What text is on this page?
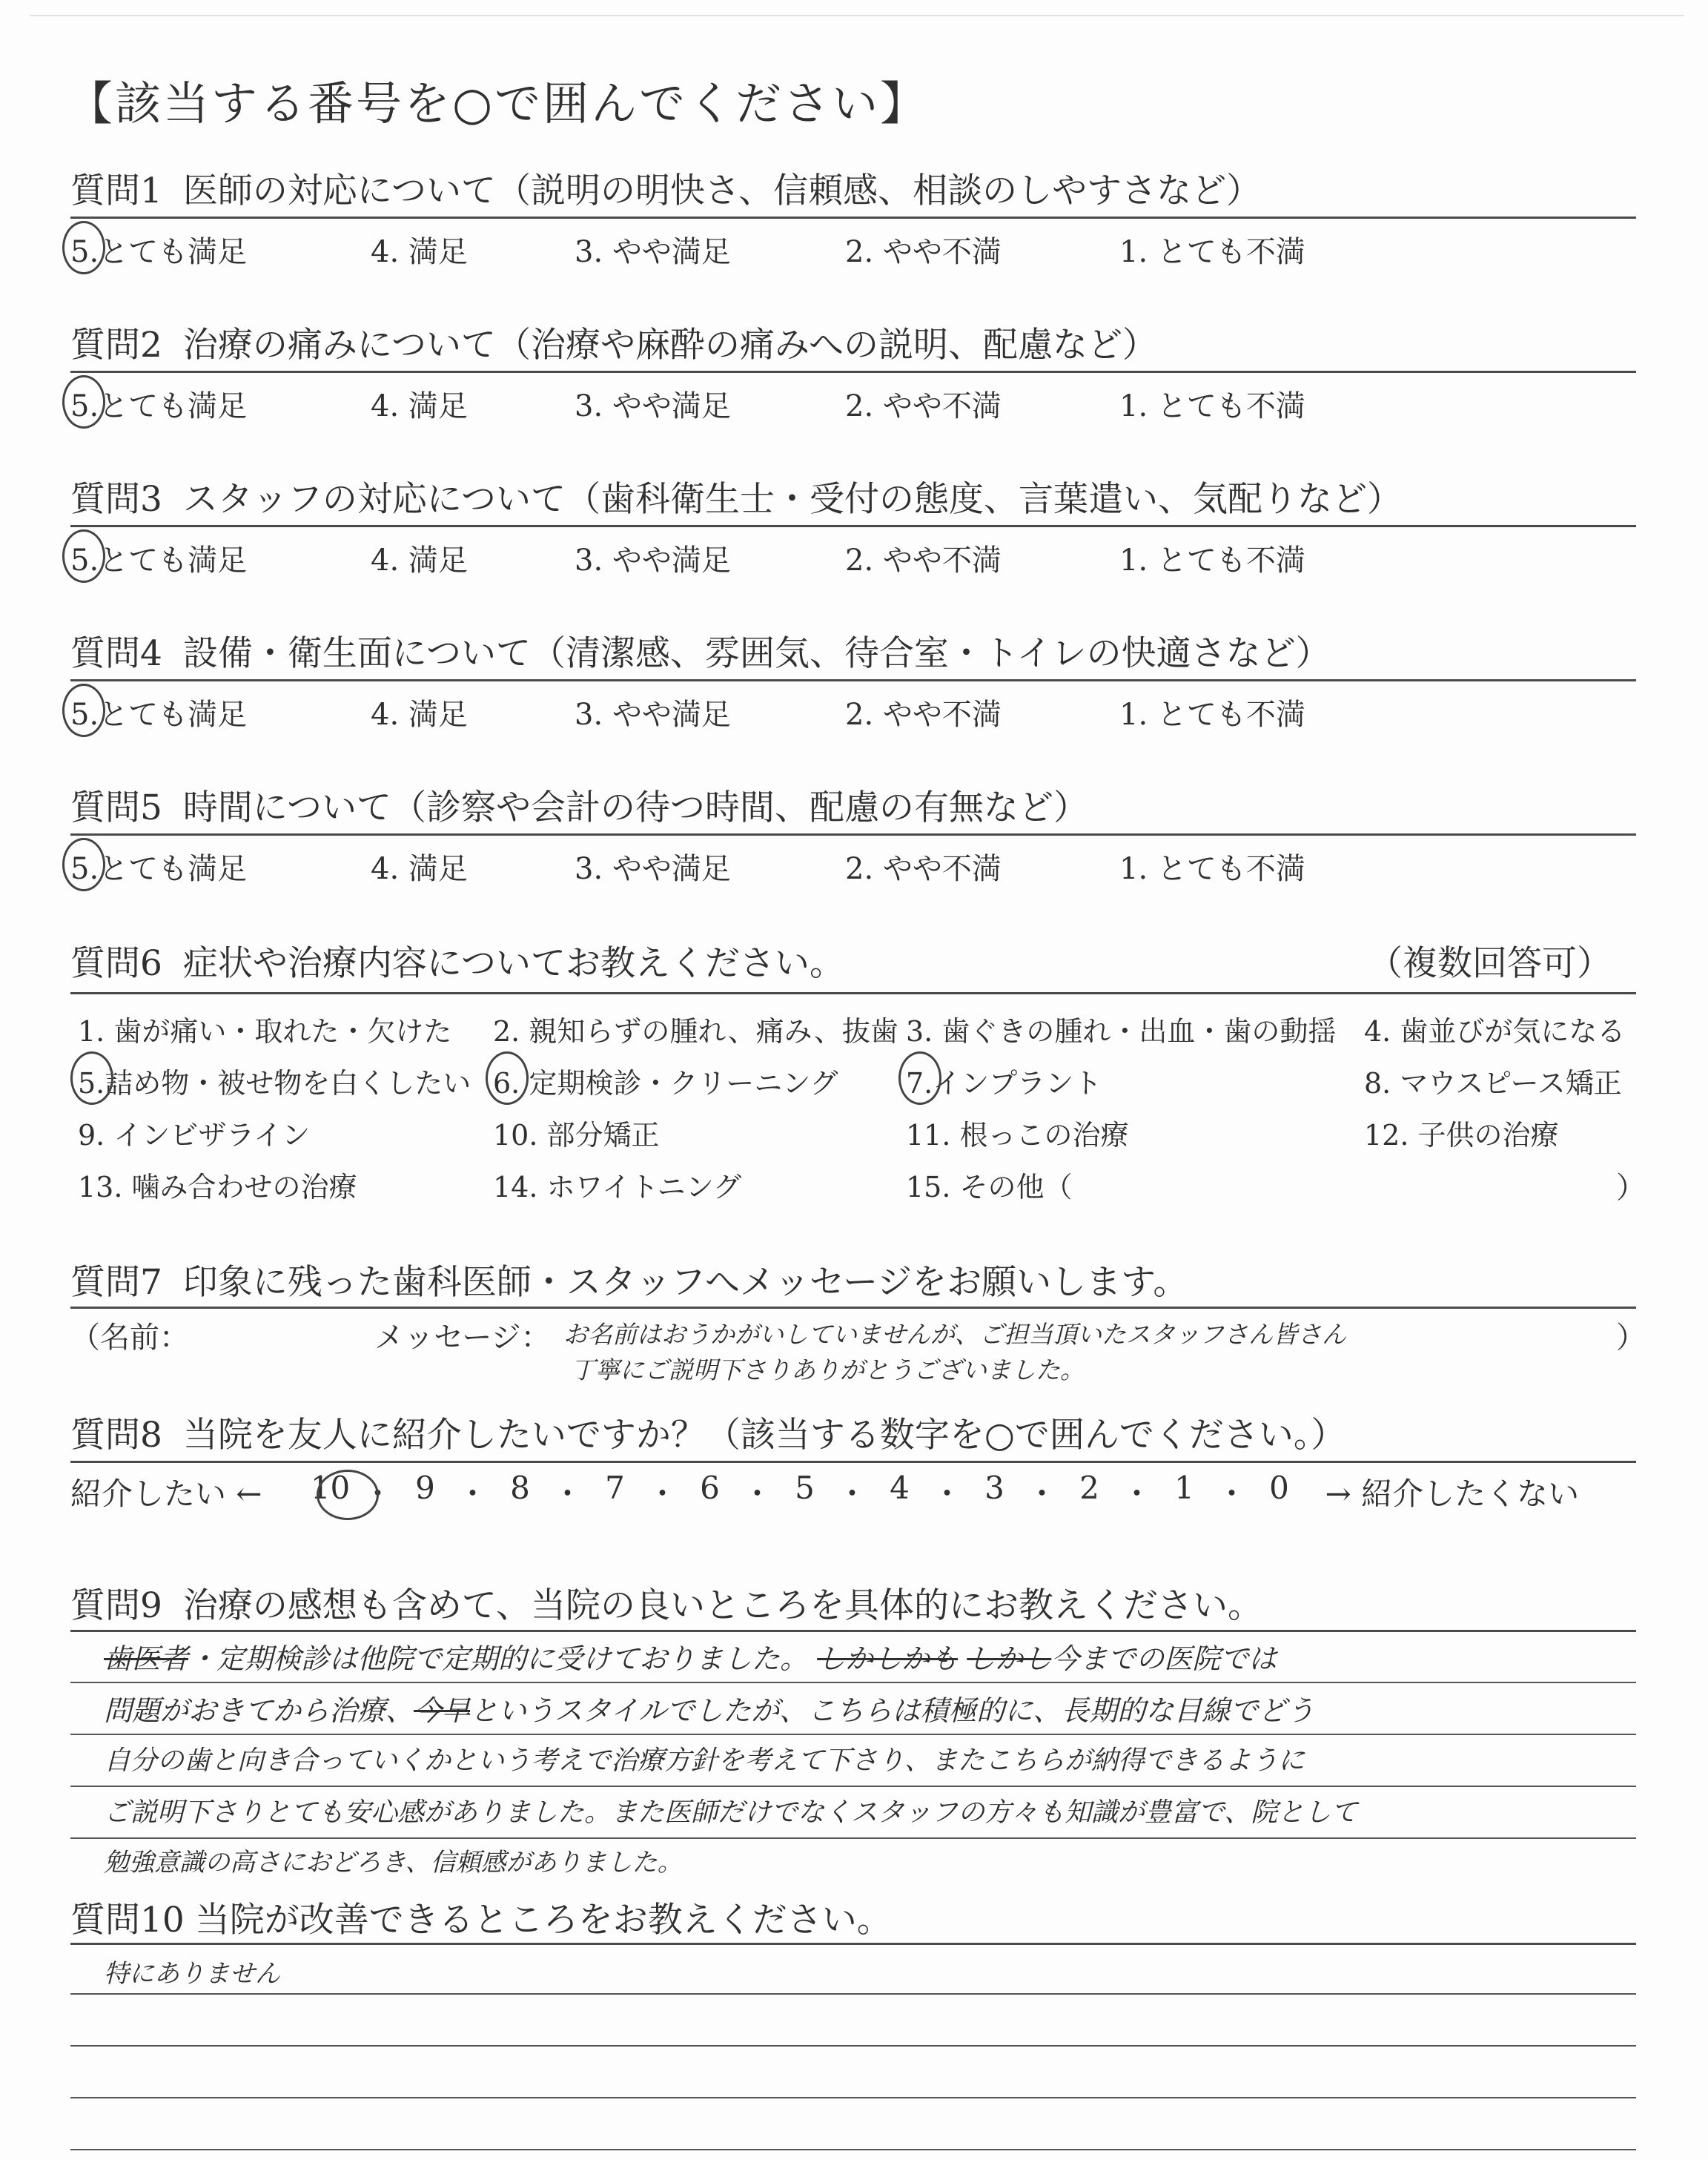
【該当する番号を○で囲んでください】
質問1 医師の対応について（説明の明快さ、信頼感、相談のしやすさなど）
5.とても満足	4. 満足	3. やや満足	2. やや不満	1. とても不満
質問2 治療の痛みについて（治療や麻酔の痛みへの説明、配慮など）
5.とても満足	4. 満足	3. やや満足	2. やや不満	1. とても不満
質問3 スタッフの対応について（歯科衛生士・受付の態度、言葉遣い、気配りなど）
5.とても満足	4. 満足	3. やや満足	2. やや不満	1. とても不満
質問4 設備・衛生面について（清潔感、雰囲気、待合室・トイレの快適さなど）
5.とても満足	4. 満足	3. やや満足	2. やや不満	1. とても不満
質問5 時間について（診察や会計の待つ時間、配慮の有無など）
5.とても満足	4. 満足	3. やや満足	2. やや不満	1. とても不満
質問6 症状や治療内容についてお教えください。	（複数回答可）
1. 歯が痛い・取れた・欠けた 2. 親知らずの腫れ、痛み、抜歯 3. 歯ぐきの腫れ・出血・歯の動揺 4. 歯並びが気になる
5.詰め物・被せ物を白くしたい 6. 定期検診・クリーニング 7.インプラント	8. マウスピース矯正
9. インビザライン	10. 部分矯正	11. 根っこの治療	12. 子供の治療
13. 噛み合わせの治療	14. ホワイトニング	15. その他（	）
質問7 印象に残った歯科医師・スタッフへメッセージをお願いします。
（名前：	メッセージ：	）
お名前はおうかがいしていませんが、ご担当頂いたスタッフさん皆さん
丁寧にご説明下さりありがとうございました。
質問8 当院を友人に紹介したいですか？（該当する数字を○で囲んでください。）
紹介したい ← 10 ・ 9 ・ 8 ・ 7 ・ 6 ・ 5 ・ 4 ・ 3 ・ 2 ・ 1 ・ 0	→ 紹介したくない
質問9 治療の感想も含めて、当院の良いところを具体的にお教えください。
歯医者・定期検診は他院で定期的に受けておりました。 しかしかも しかし今までの医院では
問題がおきてから治療、今早というスタイルでしたが、こちらは積極的に、長期的な目線でどう
自分の歯と向き合っていくかという考えで治療方針を考えて下さり、またこちらが納得できるように
ご説明下さりとても安心感がありました。また医師だけでなくスタッフの方々も知識が豊富で、院として
勉強意識の高さにおどろき、信頼感がありました。
質問10 当院が改善できるところをお教えください。
特にありません
